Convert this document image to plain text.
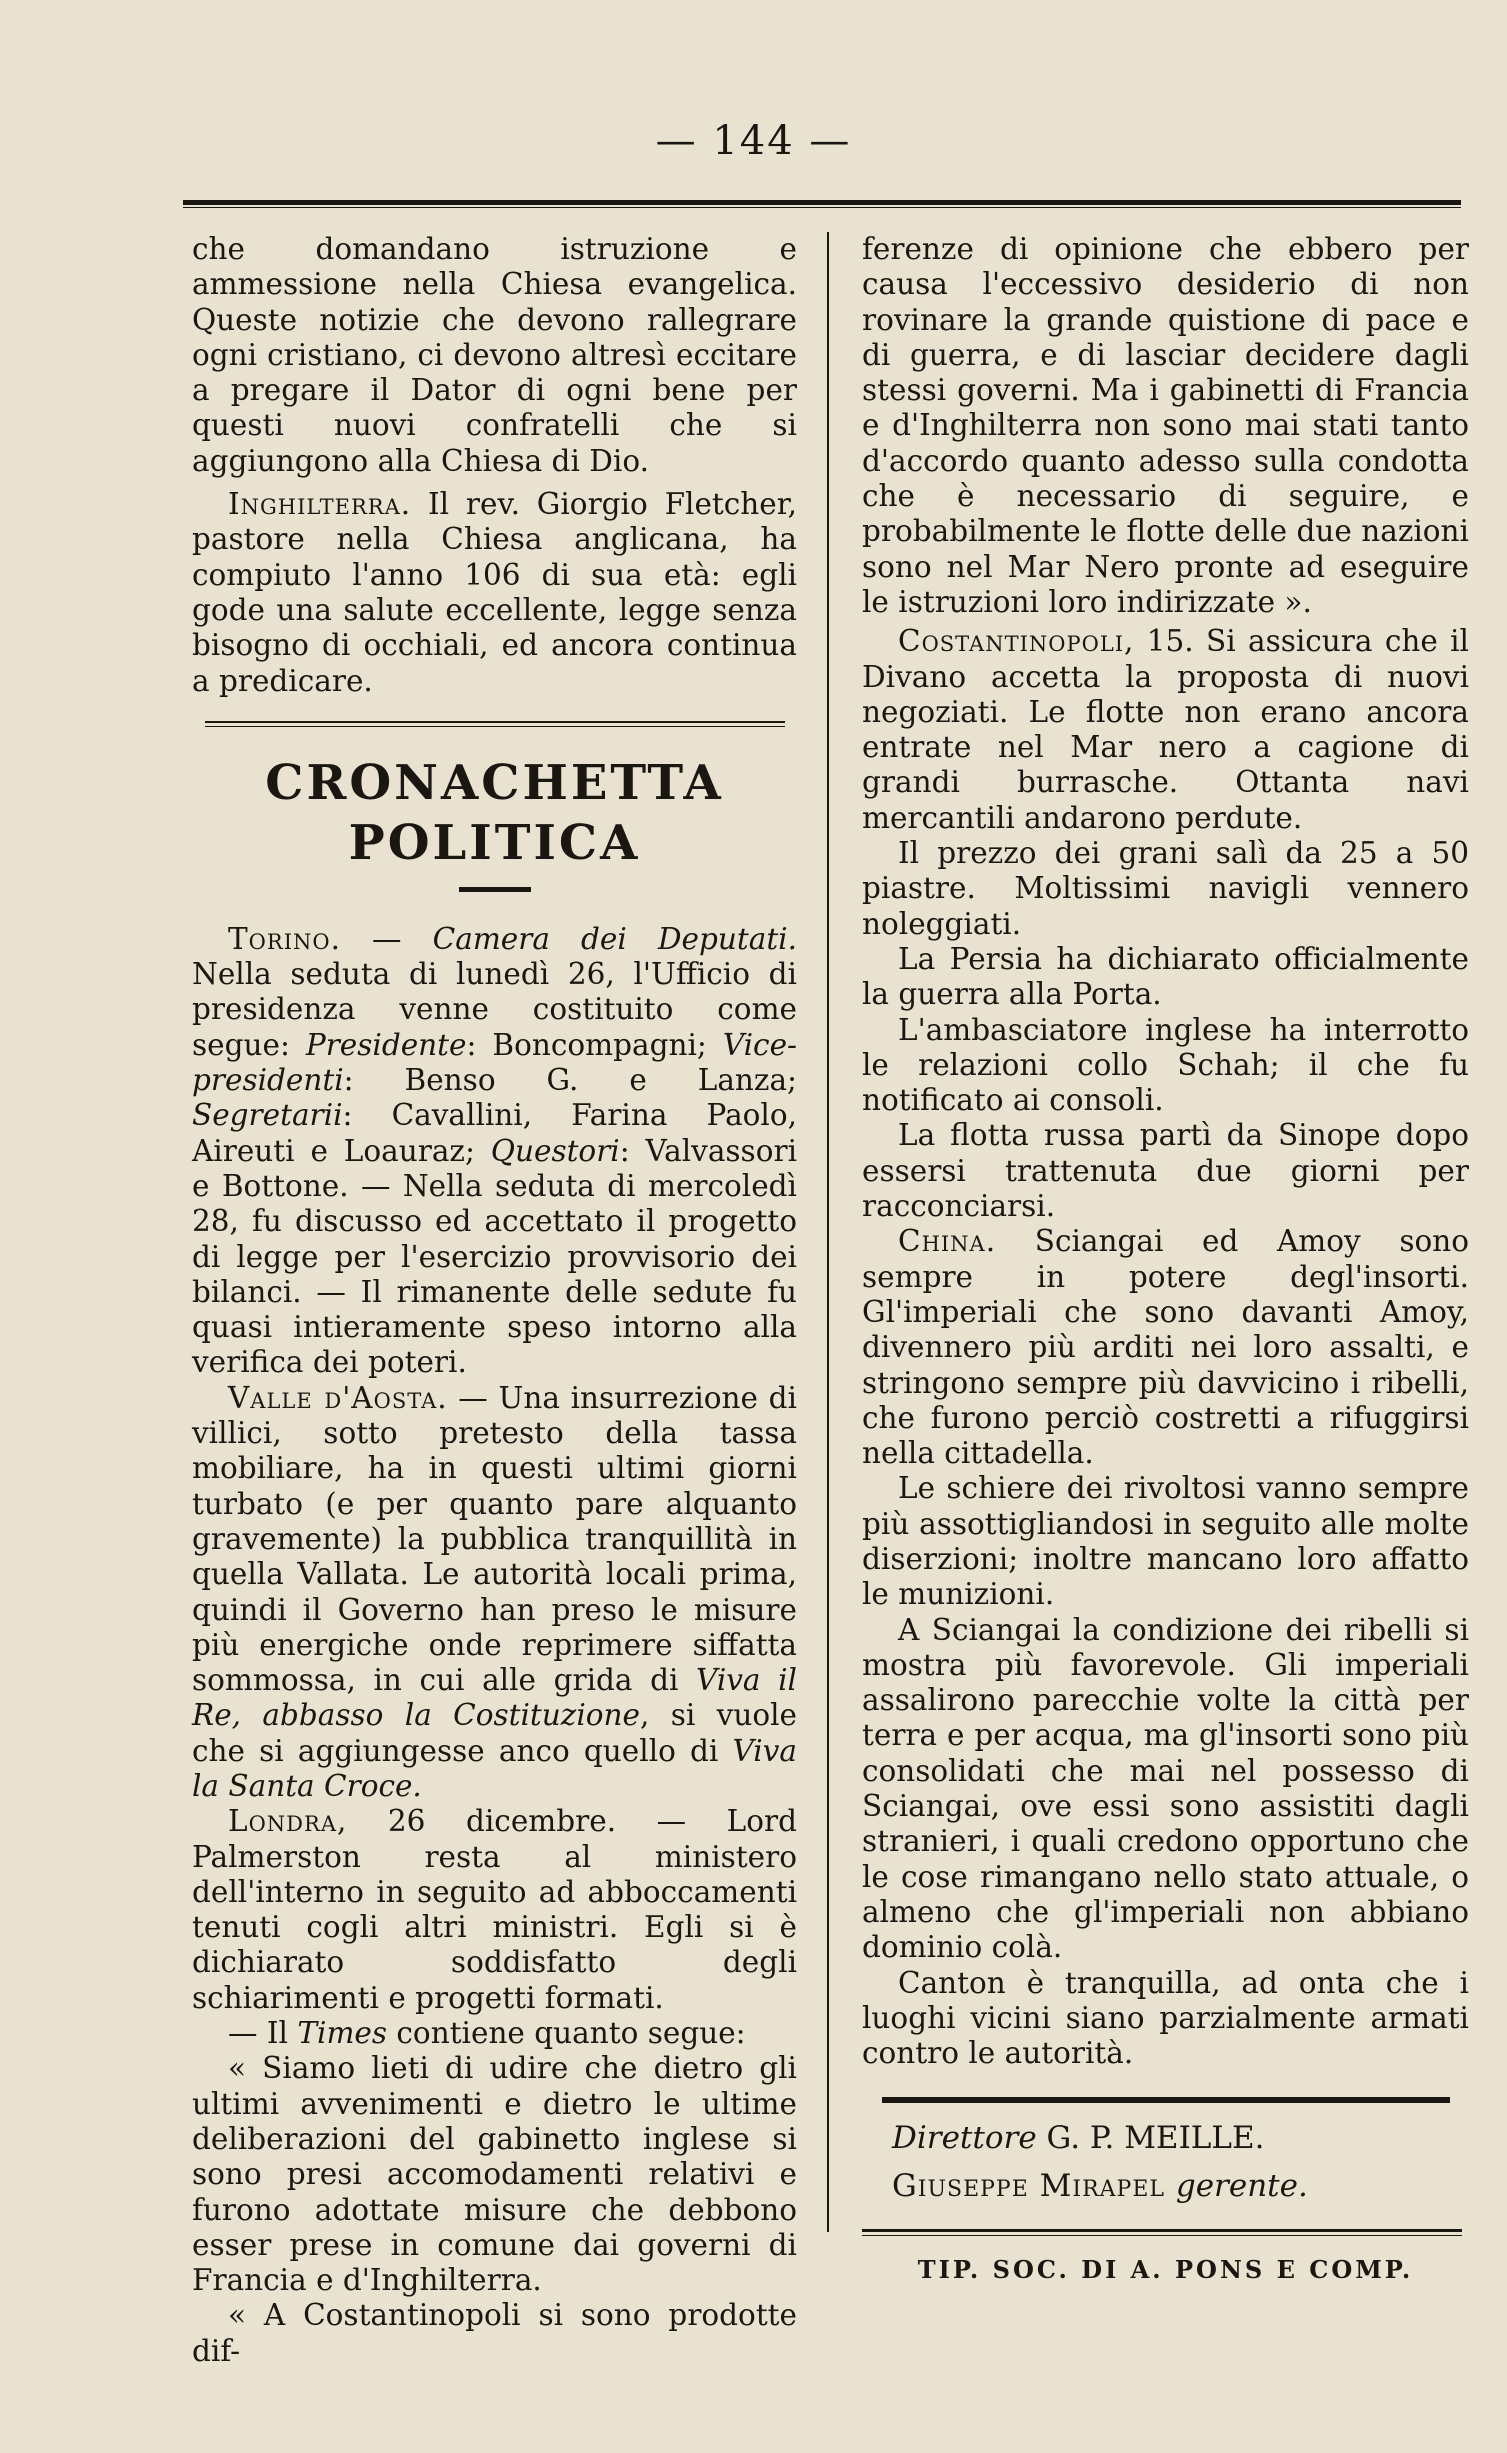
— 144 —

che domandano istruzione e ammessione nella Chiesa evangelica. Queste notizie che devono rallegrare ogni cristiano, ci devono altresì eccitare a pregare il Dator di ogni bene per questi nuovi confratelli che si aggiungono alla Chiesa di Dio.

Inghilterra. Il rev. Giorgio Fletcher, pastore nella Chiesa anglicana, ha compiuto l'anno 106 di sua età: egli gode una salute eccellente, legge senza bisogno di occhiali, ed ancora continua a predicare.

CRONACHETTA POLITICA

Torino. — Camera dei Deputati. Nella seduta di lunedì 26, l'Ufficio di presidenza venne costituito come segue: Presidente: Boncompagni; Vice-presidenti: Benso G. e Lanza; Segretarii: Cavallini, Farina Paolo, Aireuti e Loauraz; Questori: Valvassori e Bottone. — Nella seduta di mercoledì 28, fu discusso ed accettato il progetto di legge per l'esercizio provvisorio dei bilanci. — Il rimanente delle sedute fu quasi intieramente speso intorno alla verifica dei poteri.

Valle d'Aosta. — Una insurrezione di villici, sotto pretesto della tassa mobiliare, ha in questi ultimi giorni turbato (e per quanto pare alquanto gravemente) la pubblica tranquillità in quella Vallata. Le autorità locali prima, quindi il Governo han preso le misure più energiche onde reprimere siffatta sommossa, in cui alle grida di Viva il Re, abbasso la Costituzione, si vuole che si aggiungesse anco quello di Viva la Santa Croce.

Londra, 26 dicembre. — Lord Palmerston resta al ministero dell'interno in seguito ad abboccamenti tenuti cogli altri ministri. Egli si è dichiarato soddisfatto degli schiarimenti e progetti formati.

— Il Times contiene quanto segue:

« Siamo lieti di udire che dietro gli ultimi avvenimenti e dietro le ultime deliberazioni del gabinetto inglese si sono presi accomodamenti relativi e furono adottate misure che debbono esser prese in comune dai governi di Francia e d'Inghilterra.

« A Costantinopoli si sono prodotte dif-

ferenze di opinione che ebbero per causa l'eccessivo desiderio di non rovinare la grande quistione di pace e di guerra, e di lasciar decidere dagli stessi governi. Ma i gabinetti di Francia e d'Inghilterra non sono mai stati tanto d'accordo quanto adesso sulla condotta che è necessario di seguire, e probabilmente le flotte delle due nazioni sono nel Mar Nero pronte ad eseguire le istruzioni loro indirizzate ».

Costantinopoli, 15. Si assicura che il Divano accetta la proposta di nuovi negoziati. Le flotte non erano ancora entrate nel Mar nero a cagione di grandi burrasche. Ottanta navi mercantili andarono perdute.

Il prezzo dei grani salì da 25 a 50 piastre. Moltissimi navigli vennero noleggiati.

La Persia ha dichiarato officialmente la guerra alla Porta.

L'ambasciatore inglese ha interrotto le relazioni collo Schah; il che fu notificato ai consoli.

La flotta russa partì da Sinope dopo essersi trattenuta due giorni per racconciarsi.

China. Sciangai ed Amoy sono sempre in potere degl'insorti. Gl'imperiali che sono davanti Amoy, divennero più arditi nei loro assalti, e stringono sempre più davvicino i ribelli, che furono perciò costretti a rifuggirsi nella cittadella.

Le schiere dei rivoltosi vanno sempre più assottigliandosi in seguito alle molte diserzioni; inoltre mancano loro affatto le munizioni.

A Sciangai la condizione dei ribelli si mostra più favorevole. Gli imperiali assalirono parecchie volte la città per terra e per acqua, ma gl'insorti sono più consolidati che mai nel possesso di Sciangai, ove essi sono assistiti dagli stranieri, i quali credono opportuno che le cose rimangano nello stato attuale, o almeno che gl'imperiali non abbiano dominio colà.

Canton è tranquilla, ad onta che i luoghi vicini siano parzialmente armati contro le autorità.

Direttore G. P. MEILLE.

Giuseppe Mirapel gerente.

TIP. SOC. DI A. PONS E COMP.
